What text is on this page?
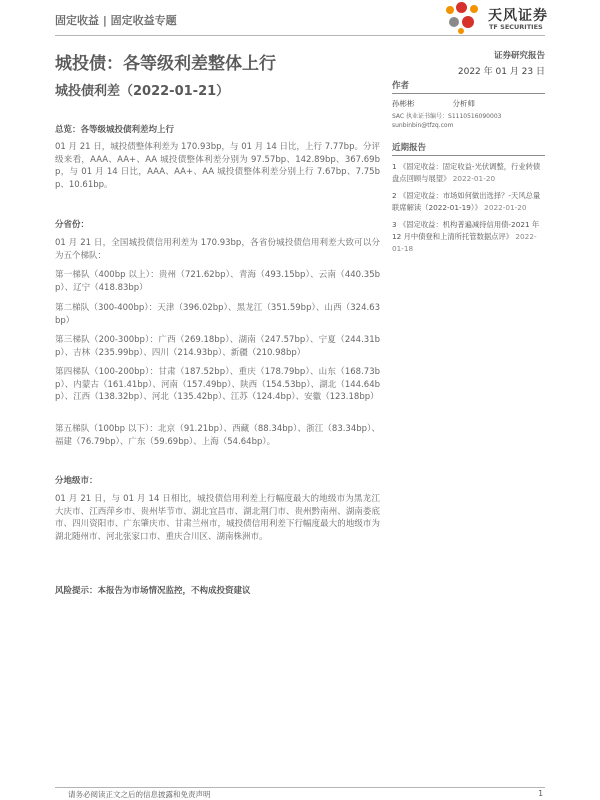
固定收益 | 固定收益专题	天风证券
TF SECURITIES
城投债：各等级利差整体上行
城投债利差（2022-01-21）
证券研究报告
2022 年 01 月 23 日
作者
孙彬彬	分析师
SAC 执业证书编号：S1110516090003
sunbinbin@tfzq.com
近期报告
1 《固定收益：固定收益-光伏调整，行业转债盘点回顾与展望》 2022-01-20
2 《固定收益：市场如何做出选择？-天风总量联席解读（2022-01-19）》 2022-01-20
3 《固定收益：机构普遍减持信用债-2021 年 12 月中债登和上清所托管数据点评》 2022-01-18
总览：各等级城投债利差均上行
01 月 21 日，城投债整体利差为 170.93bp，与 01 月 14 日比，上行 7.77bp。分评级来看，AAA、AA+、AA 城投债整体利差分别为 97.57bp、142.89bp、367.69bp，与 01 月 14 日比，AAA、AA+、AA 城投债整体利差分别上行 7.67bp、7.75bp、10.61bp。
分省份：
01 月 21 日，全国城投债信用利差为 170.93bp，各省份城投债信用利差大致可以分为五个梯队：
第一梯队（400bp 以上）：贵州（721.62bp）、青海（493.15bp）、云南（440.35bp）、辽宁（418.83bp）
第二梯队（300-400bp）：天津（396.02bp）、黑龙江（351.59bp）、山西（324.63bp）
第三梯队（200-300bp）：广西（269.18bp）、湖南（247.57bp）、宁夏（244.31bp）、吉林（235.99bp）、四川（214.93bp）、新疆（210.98bp）
第四梯队（100-200bp）：甘肃（187.52bp）、重庆（178.79bp）、山东（168.73bp）、内蒙古（161.41bp）、河南（157.49bp）、陕西（154.53bp）、湖北（144.64bp）、江西（138.32bp）、河北（135.42bp）、江苏（124.4bp）、安徽（123.18bp）
第五梯队（100bp 以下）：北京（91.21bp）、西藏（88.34bp）、浙江（83.34bp）、福建（76.79bp）、广东（59.69bp）、上海（54.64bp）。
分地级市：
01 月 21 日，与 01 月 14 日相比，城投债信用利差上行幅度最大的地级市为黑龙江大庆市、江西萍乡市、贵州毕节市、湖北宜昌市、湖北荆门市、贵州黔南州、湖南娄底市、四川资阳市、广东肇庆市、甘肃兰州市，城投债信用利差下行幅度最大的地级市为湖北随州市、河北张家口市、重庆合川区、湖南株洲市。
风险提示：本报告为市场情况监控，不构成投资建议
请务必阅读正文之后的信息披露和免责声明	1
